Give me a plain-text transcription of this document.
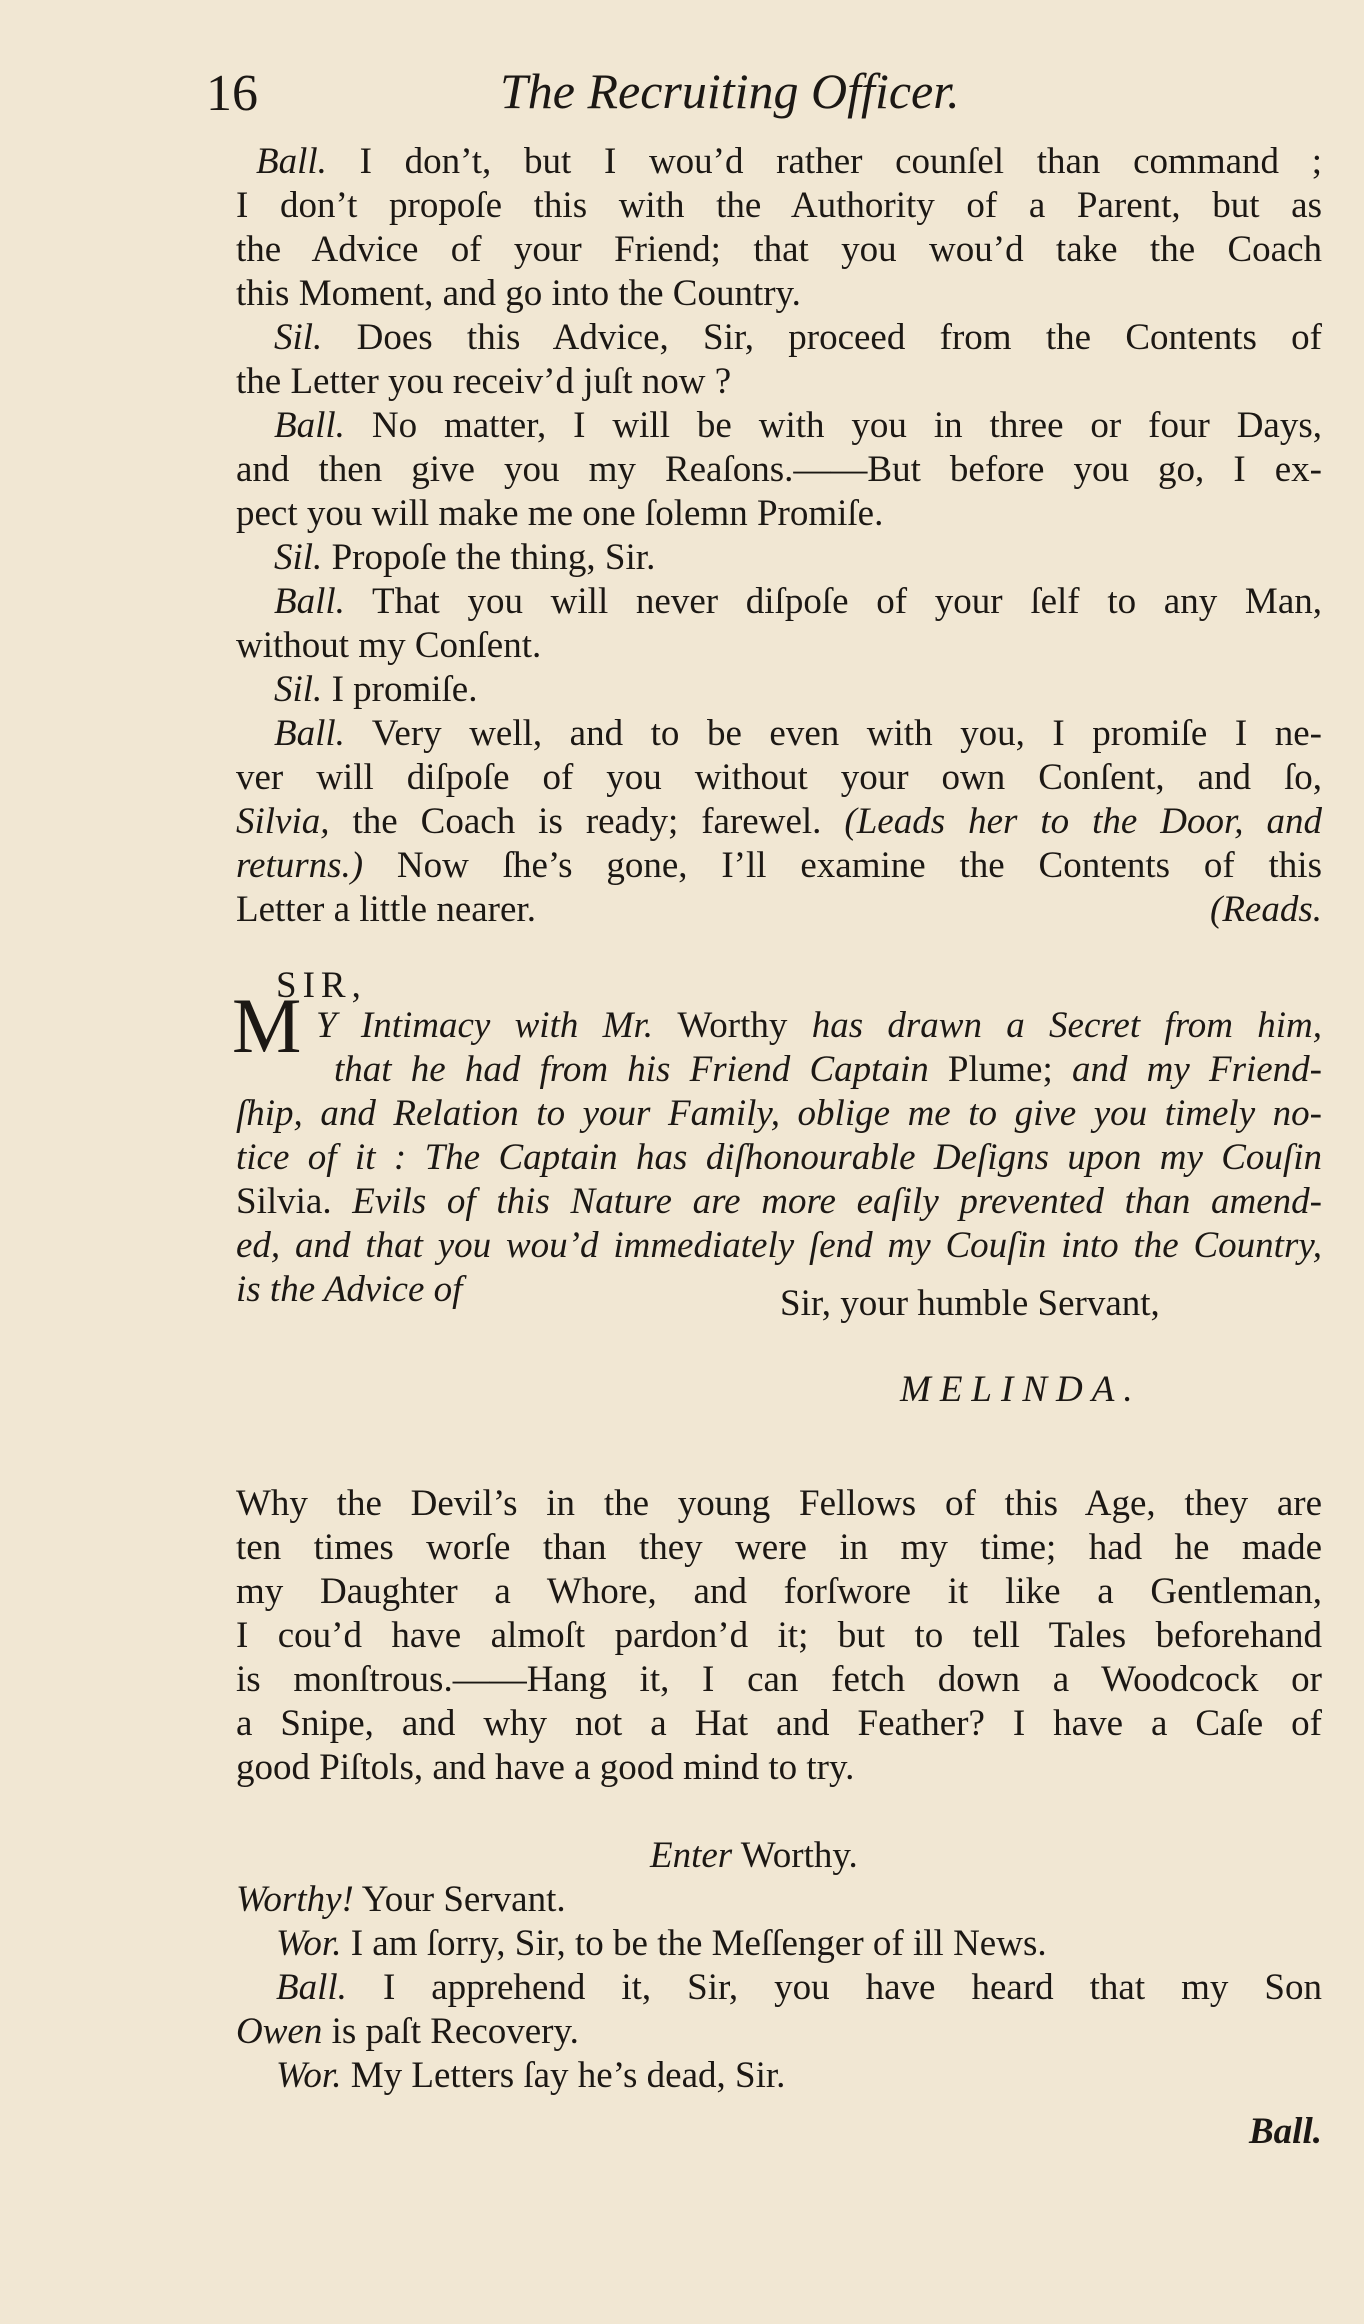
16	The Recruiting Officer.
Ball. I don’t, but I wou’d rather counſel than command ;
I don’t propoſe this with the Authority of a Parent, but as
the Advice of your Friend; that you wou’d take the Coach
this Moment, and go into the Country.
Sil. Does this Advice, Sir, proceed from the Contents of
the Letter you receiv’d juſt now ?
Ball. No matter, I will be with you in three or four Days,
and then give you my Reaſons.——But before you go, I ex-
pect you will make me one ſolemn Promiſe.
Sil. Propoſe the thing, Sir.
Ball. That you will never diſpoſe of your ſelf to any Man,
without my Conſent.
Sil. I promiſe.
Ball. Very well, and to be even with you, I promiſe I ne-
ver will diſpoſe of you without your own Conſent, and ſo,
Silvia, the Coach is ready; farewel. (Leads her to the Door, and
returns.) Now ſhe’s gone, I’ll examine the Contents of this
Letter a little nearer.	(Reads.
SIR,
M Y Intimacy with Mr. Worthy has drawn a Secret from him,
that he had from his Friend Captain Plume; and my Friend-
ſhip, and Relation to your Family, oblige me to give you timely no-
tice of it : The Captain has diſhonourable Deſigns upon my Couſin
Silvia. Evils of this Nature are more eaſily prevented than amend-
ed, and that you wou’d immediately ſend my Couſin into the Country,
is the Advice of	Sir, your humble Servant,
MELINDA.
Why the Devil’s in the young Fellows of this Age, they are
ten times worſe than they were in my time; had he made
my Daughter a Whore, and forſwore it like a Gentleman,
I cou’d have almoſt pardon’d it; but to tell Tales beforehand
is monſtrous.——Hang it, I can fetch down a Woodcock or
a Snipe, and why not a Hat and Feather? I have a Caſe of
good Piſtols, and have a good mind to try.
Enter Worthy.
Worthy! Your Servant.
Wor. I am ſorry, Sir, to be the Meſſenger of ill News.
Ball. I apprehend it, Sir, you have heard that my Son
Owen is paſt Recovery.
Wor. My Letters ſay he’s dead, Sir.
Ball.
